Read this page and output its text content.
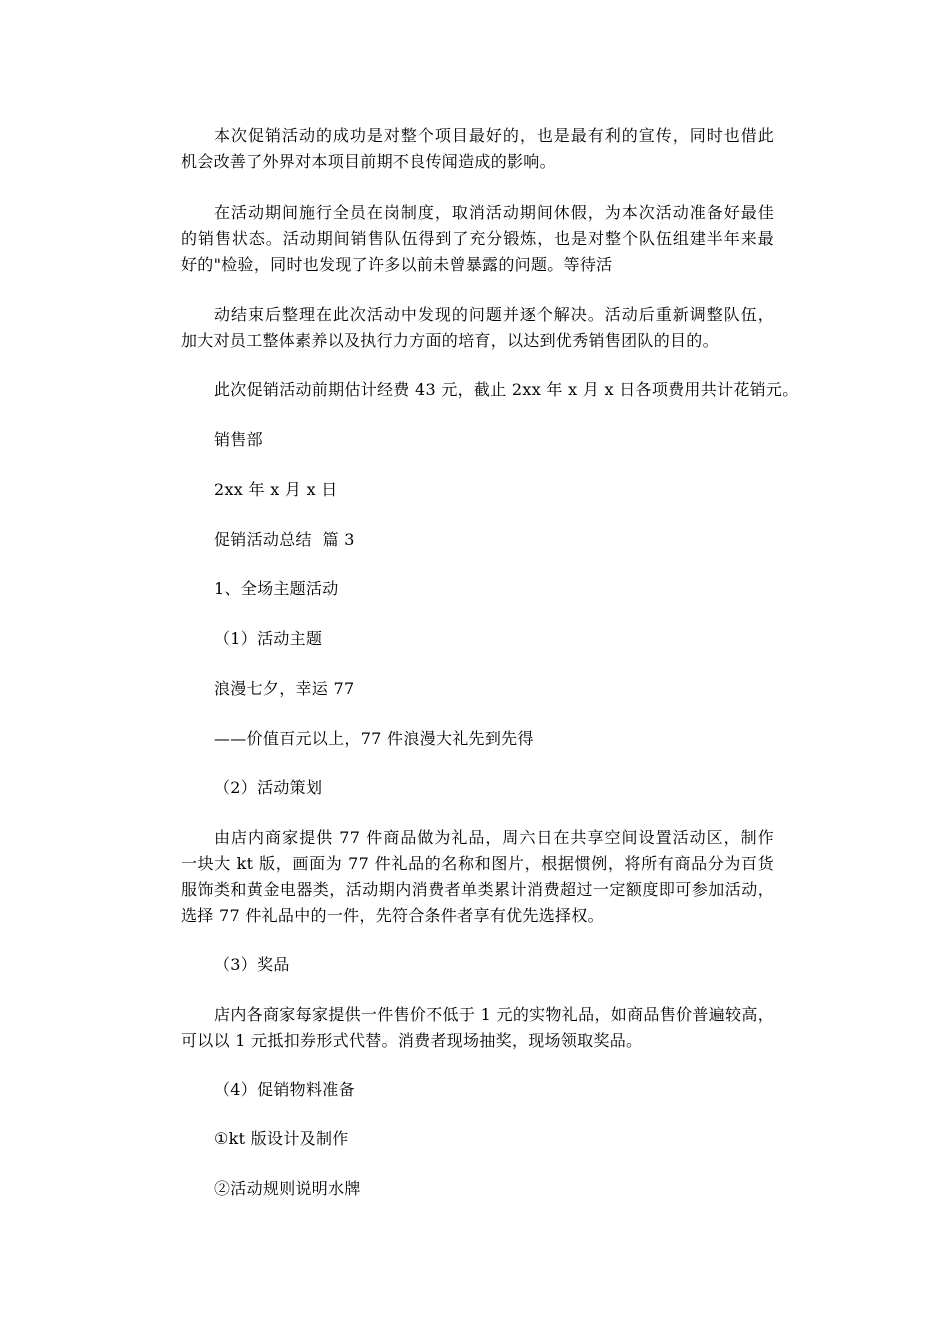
本次促销活动的成功是对整个项目最好的，也是最有利的宣传，同时也借此
机会改善了外界对本项目前期不良传闻造成的影响。
在活动期间施行全员在岗制度，取消活动期间休假，为本次活动准备好最佳
的销售状态。活动期间销售队伍得到了充分锻炼，也是对整个队伍组建半年来最
好的"检验，同时也发现了许多以前未曾暴露的问题。等待活
动结束后整理在此次活动中发现的问题并逐个解决。活动后重新调整队伍，
加大对员工整体素养以及执行力方面的培育，以达到优秀销售团队的目的。
此次促销活动前期估计经费 43 元，截止 2xx 年 x 月 x 日各项费用共计花销元。
销售部
2xx 年 x 月 x 日
促销活动总结  篇 3
1、全场主题活动
（1）活动主题
浪漫七夕，幸运 77
——价值百元以上，77 件浪漫大礼先到先得
（2）活动策划
由店内商家提供 77 件商品做为礼品，周六日在共享空间设置活动区，制作
一块大 kt 版，画面为 77 件礼品的名称和图片，根据惯例，将所有商品分为百货
服饰类和黄金电器类，活动期内消费者单类累计消费超过一定额度即可参加活动，
选择 77 件礼品中的一件，先符合条件者享有优先选择权。
（3）奖品
店内各商家每家提供一件售价不低于 1 元的实物礼品，如商品售价普遍较高，
可以以 1 元抵扣券形式代替。消费者现场抽奖，现场领取奖品。
（4）促销物料准备
①kt 版设计及制作
②活动规则说明水牌
